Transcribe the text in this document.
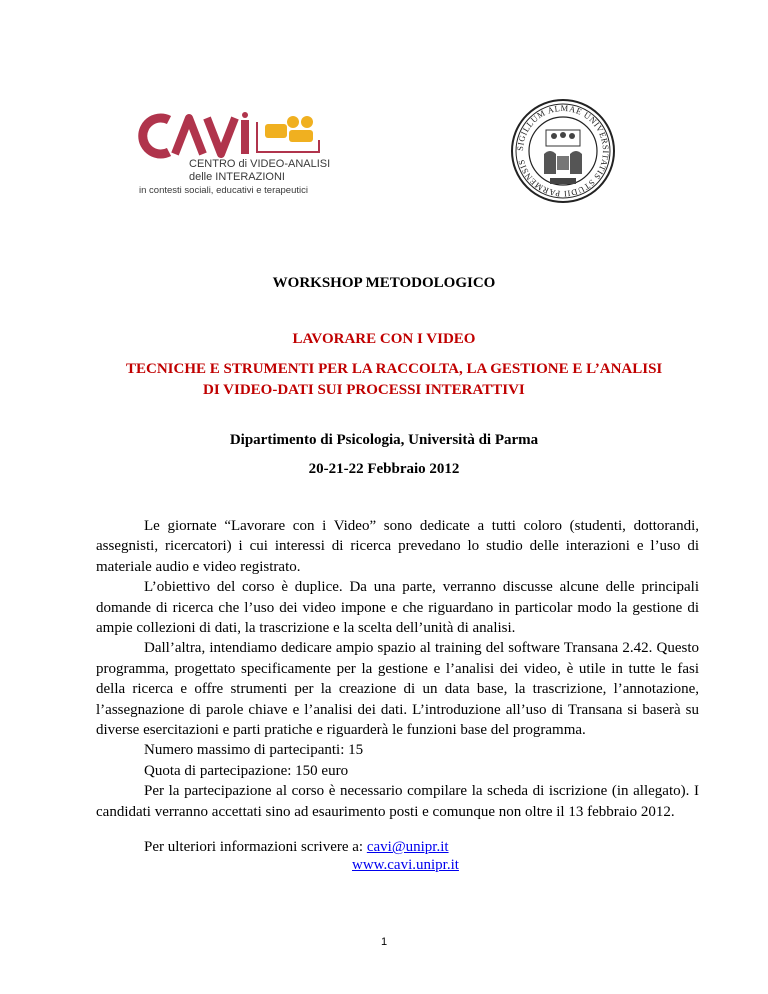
CENTRO di VIDEO-ANALISI
delle INTERAZIONI
in contesti sociali, educativi e terapeutici
SIGILLUM ALMAE UNIVERSITATIS STUDII PARMENSIS
WORKSHOP METODOLOGICO
LAVORARE CON I VIDEO
TECNICHE E STRUMENTI PER LA RACCOLTA, LA GESTIONE E L’ANALISI
DI VIDEO-DATI SUI PROCESSI INTERATTIVI
Dipartimento di Psicologia, Università di Parma
20-21-22 Febbraio 2012

Le giornate “Lavorare con i Video” sono dedicate a tutti coloro (studenti, dottorandi, assegnisti, ricercatori) i cui interessi di ricerca prevedano lo studio delle interazioni e l’uso di materiale audio e video registrato.

L’obiettivo del corso è duplice. Da una parte, verranno discusse alcune delle principali domande di ricerca che l’uso dei video impone e che riguardano in particolar modo la gestione di ampie collezioni di dati, la trascrizione e la scelta dell’unità di analisi.

Dall’altra, intendiamo dedicare ampio spazio al training del software Transana 2.42. Questo programma, progettato specificamente per la gestione e l’analisi dei video, è utile in tutte le fasi della ricerca e offre strumenti per la creazione di un data base, la trascrizione, l’annotazione, l’assegnazione di parole chiave e l’analisi dei dati. L’introduzione all’uso di Transana si baserà su diverse esercitazioni e parti pratiche e riguarderà le funzioni base del programma.

Numero massimo di partecipanti: 15

Quota di partecipazione: 150 euro

Per la partecipazione al corso è necessario compilare la scheda di iscrizione (in allegato). I candidati verranno accettati sino ad esaurimento posti e comunque non oltre il 13 febbraio 2012.

Per ulteriori informazioni scrivere a: cavi@unipr.it
www.cavi.unipr.it
1
